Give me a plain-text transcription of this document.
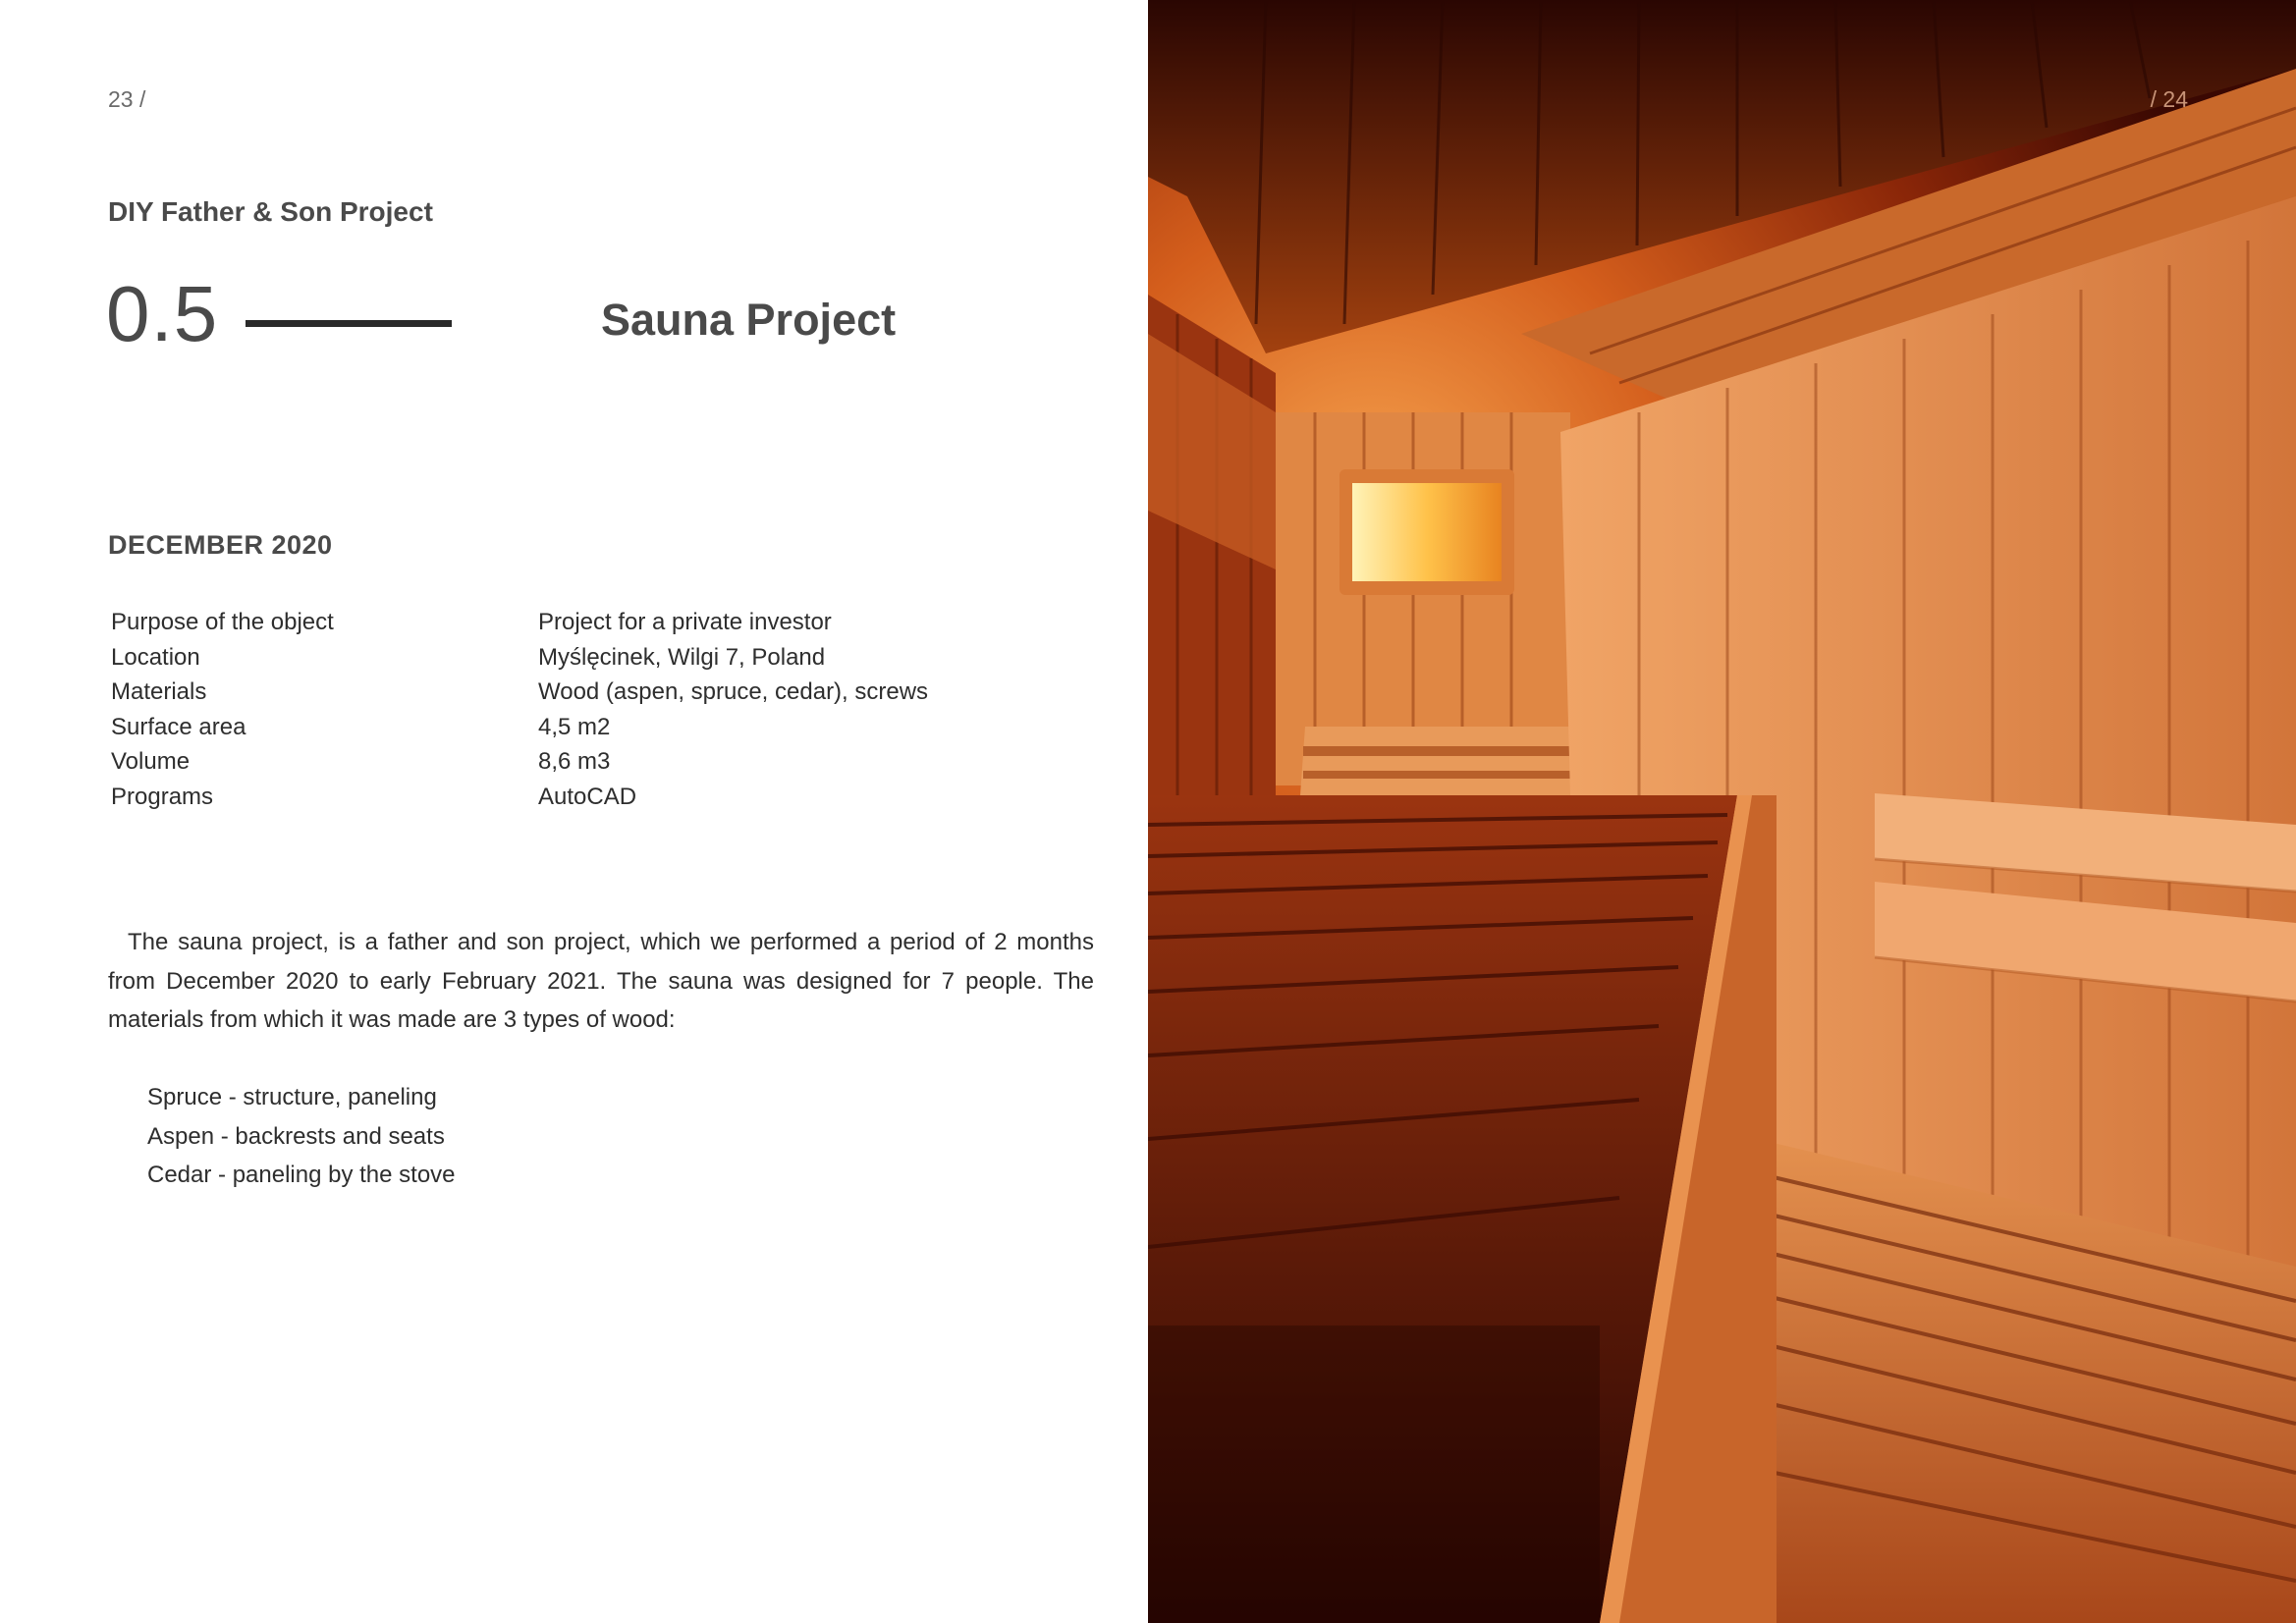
23 /
DIY Father & Son Project
0.5	Sauna Project
DECEMBER 2020
Purpose of the object	Project for a private investor
Location	Myślęcinek, Wilgi 7, Poland
Materials	Wood (aspen, spruce, cedar), screws
Surface area	4,5 m2
Volume	8,6 m3
Programs	AutoCAD

The sauna project, is a father and son project, which we performed a period of 2 months from December 2020 to early February 2021. The sauna was designed for 7 people. The materials from which it was made are 3 types of wood:

Spruce - structure, paneling
Aspen - backrests and seats
Cedar - paneling by the stove
/ 24
